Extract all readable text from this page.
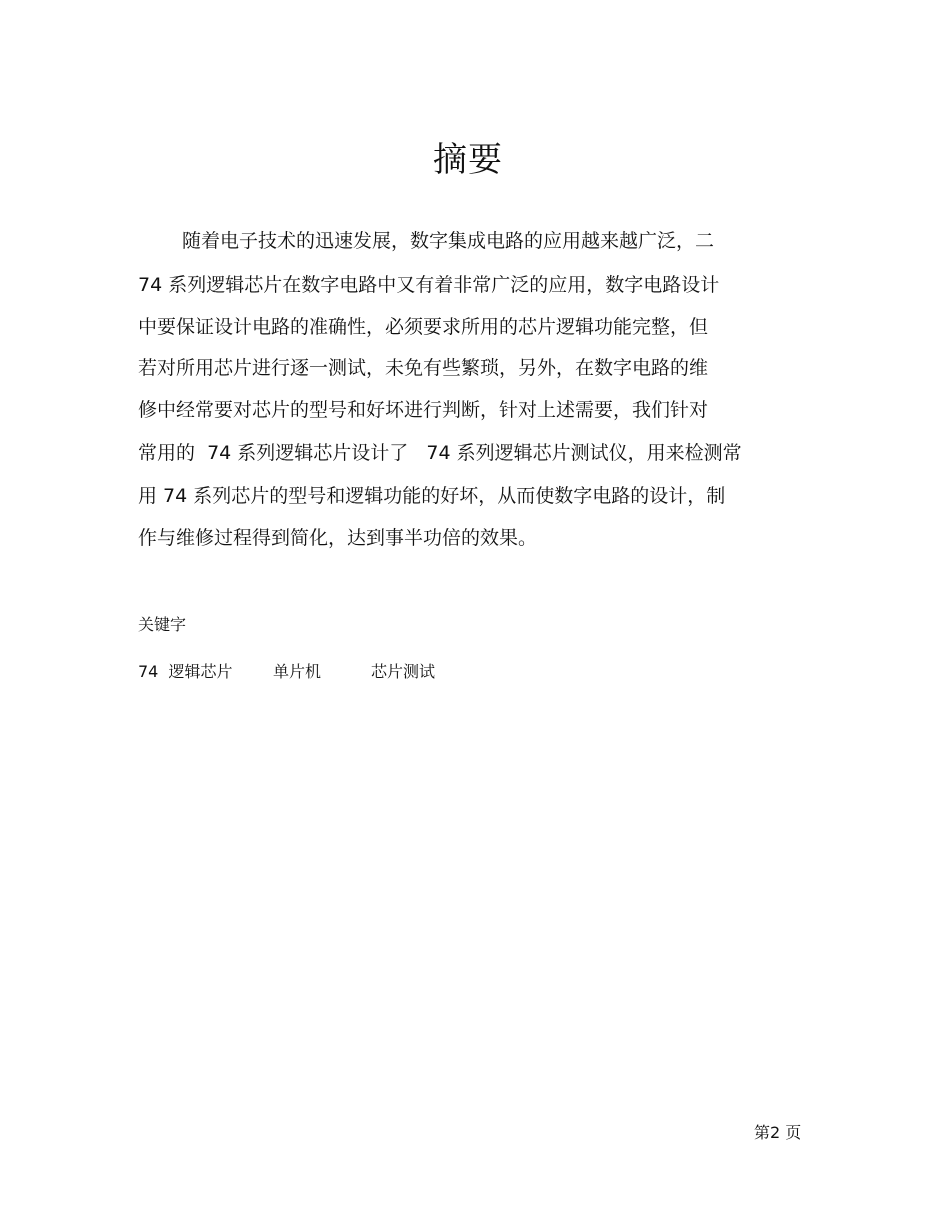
摘要
随着电子技术的迅速发展，数字集成电路的应用越来越广泛，二
74 系列逻辑芯片在数字电路中又有着非常广泛的应用，数字电路设计
中要保证设计电路的准确性，必须要求所用的芯片逻辑功能完整，但
若对所用芯片进行逐一测试，未免有些繁琐，另外，在数字电路的维
修中经常要对芯片的型号和好坏进行判断，针对上述需要，我们针对
常用的  74 系列逻辑芯片设计了   74 系列逻辑芯片测试仪，用来检测常
用 74 系列芯片的型号和逻辑功能的好坏，从而使数字电路的设计，制
作与维修过程得到简化，达到事半功倍的效果。
关键字
74  逻辑芯片	单片机	芯片测试
第2 页
